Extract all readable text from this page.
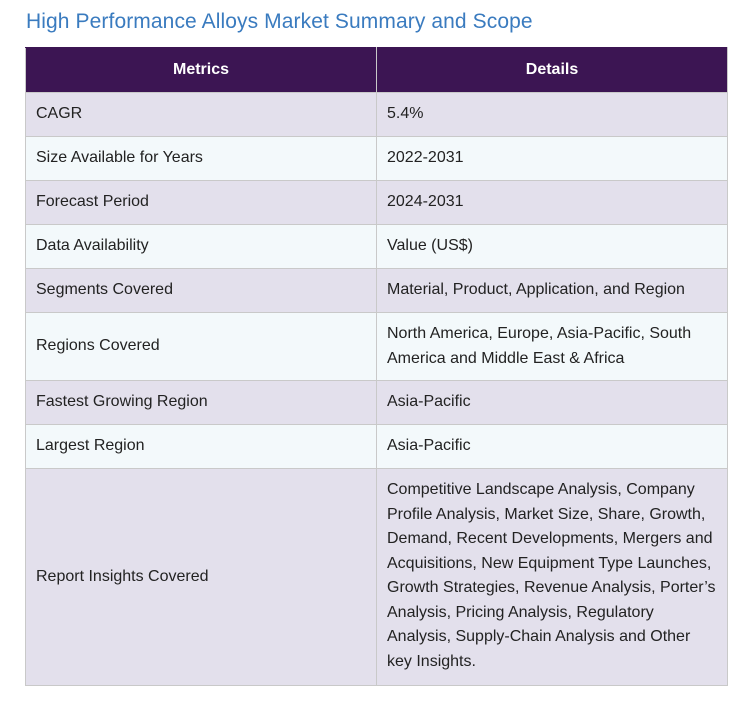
High Performance Alloys Market Summary and Scope
Metrics	Details
CAGR	5.4%
Size Available for Years	2022-2031
Forecast Period	2024-2031
Data Availability	Value (US$)
Segments Covered	Material, Product, Application, and Region
Regions Covered	North America, Europe, Asia-Pacific, South America and Middle East & Africa
Fastest Growing Region	Asia-Pacific
Largest Region	Asia-Pacific
Report Insights Covered	Competitive Landscape Analysis, Company Profile Analysis, Market Size, Share, Growth, Demand, Recent Developments, Mergers and Acquisitions, New Equipment Type Launches, Growth Strategies, Revenue Analysis, Porter’s Analysis, Pricing Analysis, Regulatory Analysis, Supply-Chain Analysis and Other key Insights.
